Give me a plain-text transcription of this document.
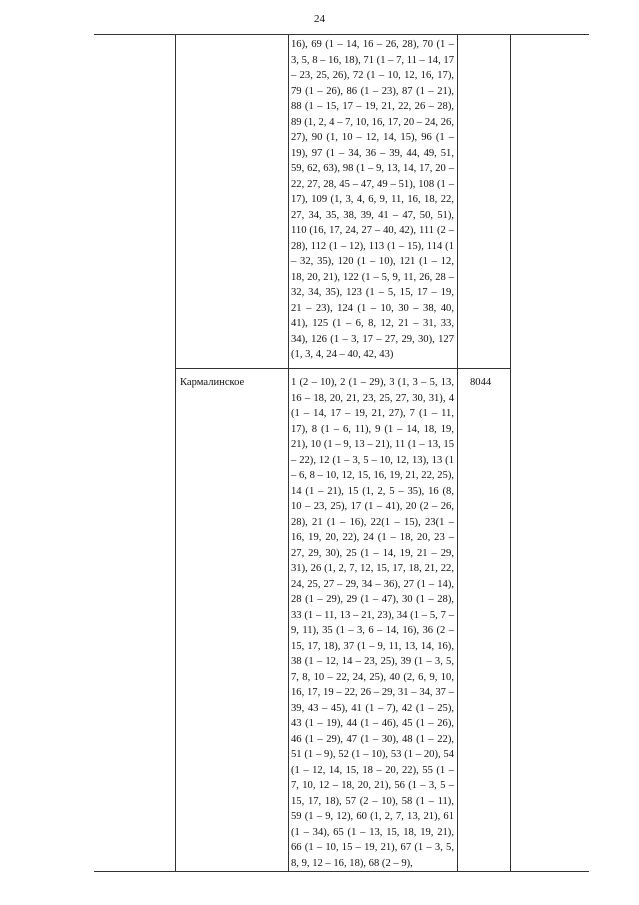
24
16), 69 (1 – 14, 16 – 26, 28), 70 (1 – 3, 5, 8 – 16, 18), 71 (1 – 7, 11 – 14, 17 – 23, 25, 26), 72 (1 – 10, 12, 16, 17), 79 (1 – 26), 86 (1 – 23), 87 (1 – 21), 88 (1 – 15, 17 – 19, 21, 22, 26 – 28), 89 (1, 2, 4 – 7, 10, 16, 17, 20 – 24, 26, 27), 90 (1, 10 – 12, 14, 15), 96 (1 – 19), 97 (1 – 34, 36 – 39, 44, 49, 51, 59, 62, 63), 98 (1 – 9, 13, 14, 17, 20 – 22, 27, 28, 45 – 47, 49 – 51), 108 (1 – 17), 109 (1, 3, 4, 6, 9, 11, 16, 18, 22, 27, 34, 35, 38, 39, 41 – 47, 50, 51), 110 (16, 17, 24, 27 – 40, 42), 111 (2 – 28), 112 (1 – 12), 113 (1 – 15), 114 (1 – 32, 35), 120 (1 – 10), 121 (1 – 12, 18, 20, 21), 122 (1 – 5, 9, 11, 26, 28 – 32, 34, 35), 123 (1 – 5, 15, 17 – 19, 21 – 23), 124 (1 – 10, 30 – 38, 40, 41), 125 (1 – 6, 8, 12, 21 – 31, 33, 34), 126 (1 – 3, 17 – 27, 29, 30), 127 (1, 3, 4, 24 – 40, 42, 43)
Кармалинское	1 (2 – 10), 2 (1 – 29), 3 (1, 3 – 5, 13, 16 – 18, 20, 21, 23, 25, 27, 30, 31), 4 (1 – 14, 17 – 19, 21, 27), 7 (1 – 11, 17), 8 (1 – 6, 11), 9 (1 – 14, 18, 19, 21), 10 (1 – 9, 13 – 21), 11 (1 – 13, 15 – 22), 12 (1 – 3, 5 – 10, 12, 13), 13 (1 – 6, 8 – 10, 12, 15, 16, 19, 21, 22, 25), 14 (1 – 21), 15 (1, 2, 5 – 35), 16 (8, 10 – 23, 25), 17 (1 – 41), 20 (2 – 26, 28), 21 (1 – 16), 22(1 – 15), 23(1 – 16, 19, 20, 22), 24 (1 – 18, 20, 23 – 27, 29, 30), 25 (1 – 14, 19, 21 – 29, 31), 26 (1, 2, 7, 12, 15, 17, 18, 21, 22, 24, 25, 27 – 29, 34 – 36), 27 (1 – 14), 28 (1 – 29), 29 (1 – 47), 30 (1 – 28), 33 (1 – 11, 13 – 21, 23), 34 (1 – 5, 7 – 9, 11), 35 (1 – 3, 6 – 14, 16), 36 (2 – 15, 17, 18), 37 (1 – 9, 11, 13, 14, 16), 38 (1 – 12, 14 – 23, 25), 39 (1 – 3, 5, 7, 8, 10 – 22, 24, 25), 40 (2, 6, 9, 10, 16, 17, 19 – 22, 26 – 29, 31 – 34, 37 – 39, 43 – 45), 41 (1 – 7), 42 (1 – 25), 43 (1 – 19), 44 (1 – 46), 45 (1 – 26), 46 (1 – 29), 47 (1 – 30), 48 (1 – 22), 51 (1 – 9), 52 (1 – 10), 53 (1 – 20), 54 (1 – 12, 14, 15, 18 – 20, 22), 55 (1 – 7, 10, 12 – 18, 20, 21), 56 (1 – 3, 5 – 15, 17, 18), 57 (2 – 10), 58 (1 – 11), 59 (1 – 9, 12), 60 (1, 2, 7, 13, 21), 61 (1 – 34), 65 (1 – 13, 15, 18, 19, 21), 66 (1 – 10, 15 – 19, 21), 67 (1 – 3, 5, 8, 9, 12 – 16, 18), 68 (2 – 9),
8044
